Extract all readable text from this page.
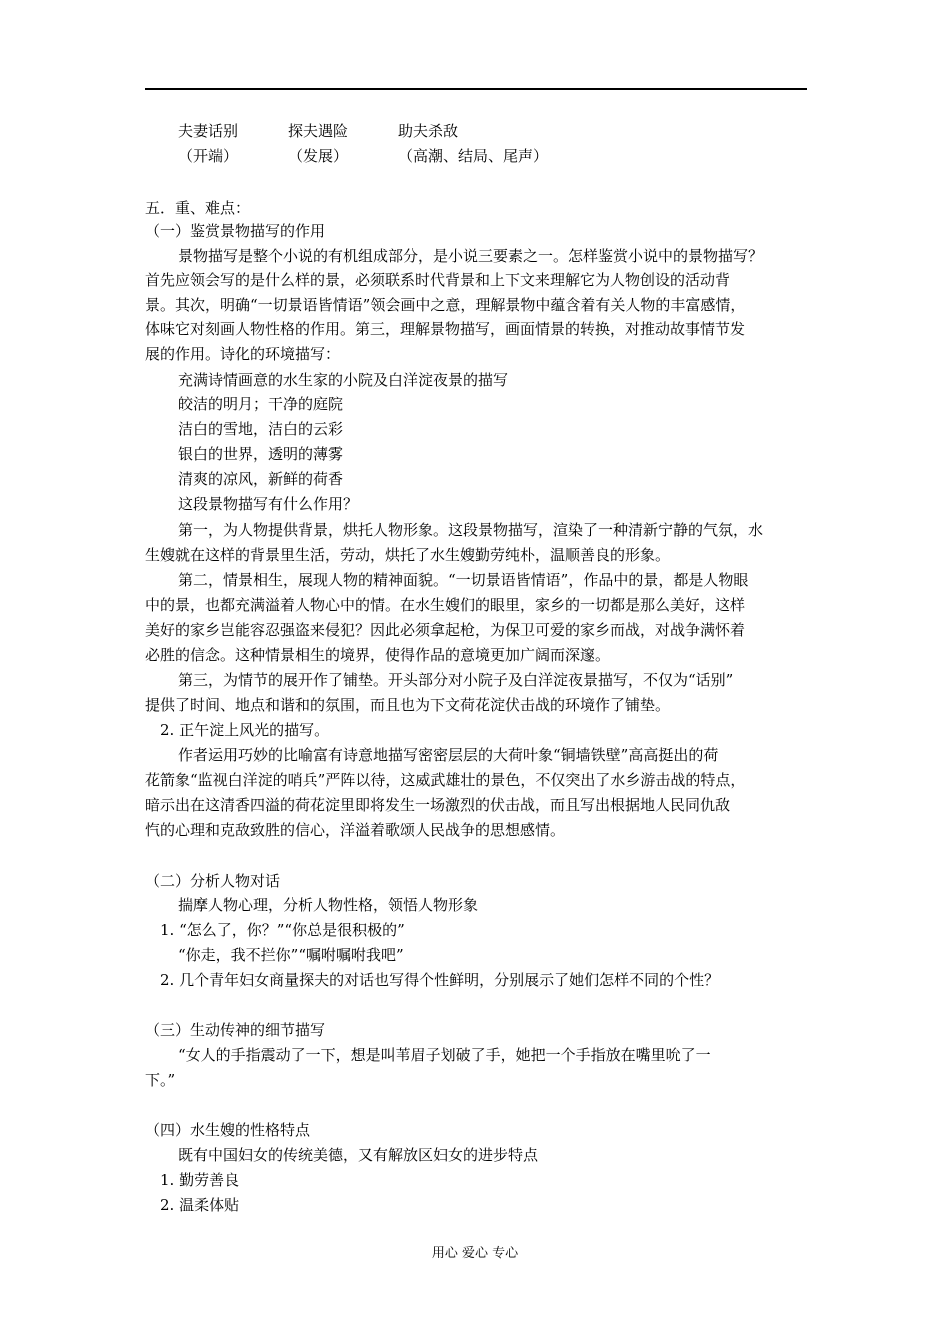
夫妻话别	探夫遇险	助夫杀敌
（开端）	（发展）	（高潮、结局、尾声）
五．重、难点：
（一）鉴赏景物描写的作用
景物描写是整个小说的有机组成部分，是小说三要素之一。怎样鉴赏小说中的景物描写？
首先应领会写的是什么样的景，必须联系时代背景和上下文来理解它为人物创设的活动背
景。其次，明确“一切景语皆情语”领会画中之意，理解景物中蕴含着有关人物的丰富感情，
体味它对刻画人物性格的作用。第三，理解景物描写，画面情景的转换，对推动故事情节发
展的作用。诗化的环境描写：
充满诗情画意的水生家的小院及白洋淀夜景的描写
皎洁的明月；干净的庭院
洁白的雪地，洁白的云彩
银白的世界，透明的薄雾
清爽的凉风，新鲜的荷香
这段景物描写有什么作用？
第一，为人物提供背景，烘托人物形象。这段景物描写，渲染了一种清新宁静的气氛，水
生嫂就在这样的背景里生活，劳动，烘托了水生嫂勤劳纯朴，温顺善良的形象。
第二，情景相生，展现人物的精神面貌。“一切景语皆情语”，作品中的景，都是人物眼
中的景，也都充满溢着人物心中的情。在水生嫂们的眼里，家乡的一切都是那么美好，这样
美好的家乡岂能容忍强盗来侵犯？因此必须拿起枪，为保卫可爱的家乡而战，对战争满怀着
必胜的信念。这种情景相生的境界，使得作品的意境更加广阔而深邃。
第三，为情节的展开作了铺垫。开头部分对小院子及白洋淀夜景描写，不仅为“话别”
提供了时间、地点和谐和的氛围，而且也为下文荷花淀伏击战的环境作了铺垫。
2. 正午淀上风光的描写。
作者运用巧妙的比喻富有诗意地描写密密层层的大荷叶象“铜墙铁壁”高高挺出的荷
花箭象“监视白洋淀的哨兵”严阵以待，这威武雄壮的景色，不仅突出了水乡游击战的特点，
暗示出在这清香四溢的荷花淀里即将发生一场激烈的伏击战，而且写出根据地人民同仇敌
忾的心理和克敌致胜的信心，洋溢着歌颂人民战争的思想感情。
（二）分析人物对话
揣摩人物心理，分析人物性格，领悟人物形象
1. “怎么了，你？”“你总是很积极的”
“你走，我不拦你”“嘱咐嘱咐我吧”
2. 几个青年妇女商量探夫的对话也写得个性鲜明，分别展示了她们怎样不同的个性？
（三）生动传神的细节描写
“女人的手指震动了一下，想是叫苇眉子划破了手，她把一个手指放在嘴里吮了一
下。”
（四）水生嫂的性格特点
既有中国妇女的传统美德，又有解放区妇女的进步特点
1. 勤劳善良
2. 温柔体贴
用心 爱心 专心
